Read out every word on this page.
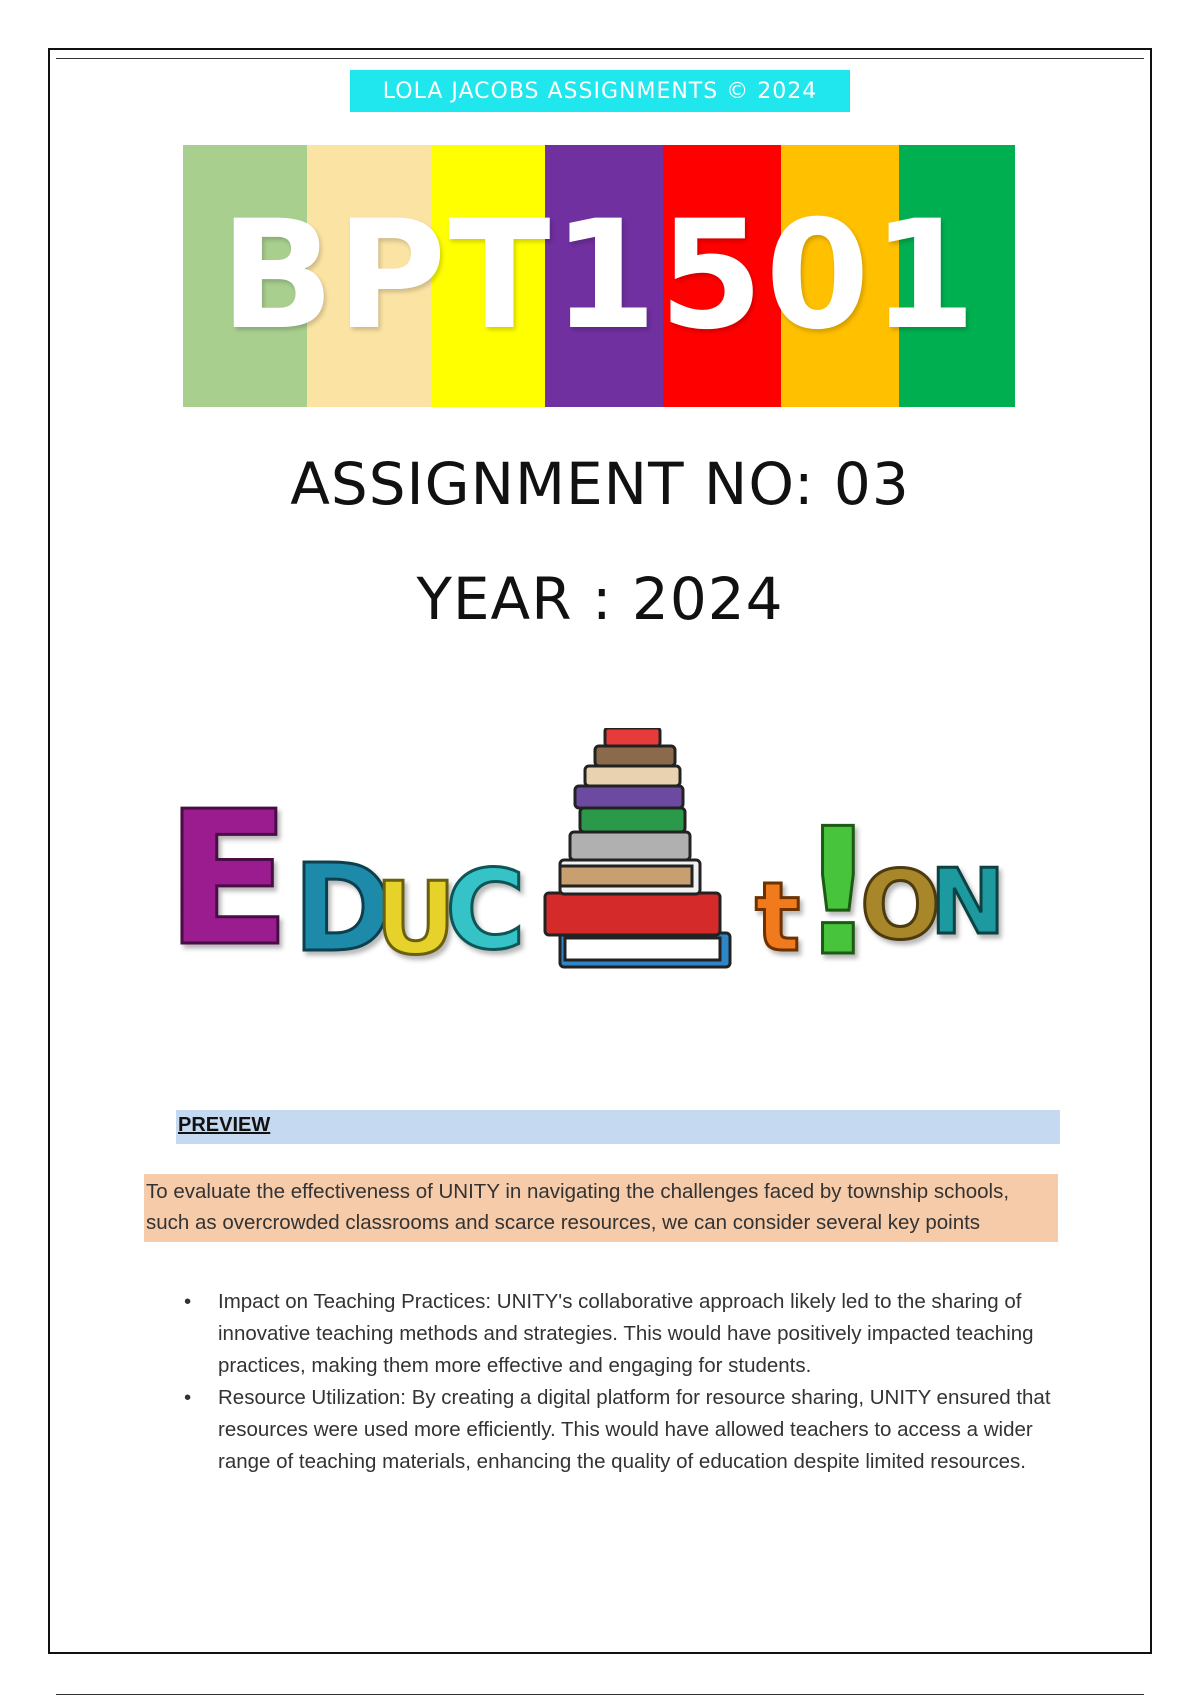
LOLA JACOBS ASSIGNMENTS © 2024
BPT1501
ASSIGNMENT NO: 03
YEAR : 2024
E D
U
C t
!
O
N
PREVIEW
To evaluate the effectiveness of UNITY in navigating the challenges faced by township schools, such as overcrowded classrooms and scarce resources, we can consider several key points
• Impact on Teaching Practices: UNITY's collaborative approach likely led to the sharing of innovative teaching methods and strategies. This would have positively impacted teaching practices, making them more effective and engaging for students.
• Resource Utilization: By creating a digital platform for resource sharing, UNITY ensured that resources were used more efficiently. This would have allowed teachers to access a wider range of teaching materials, enhancing the quality of education despite limited resources.
